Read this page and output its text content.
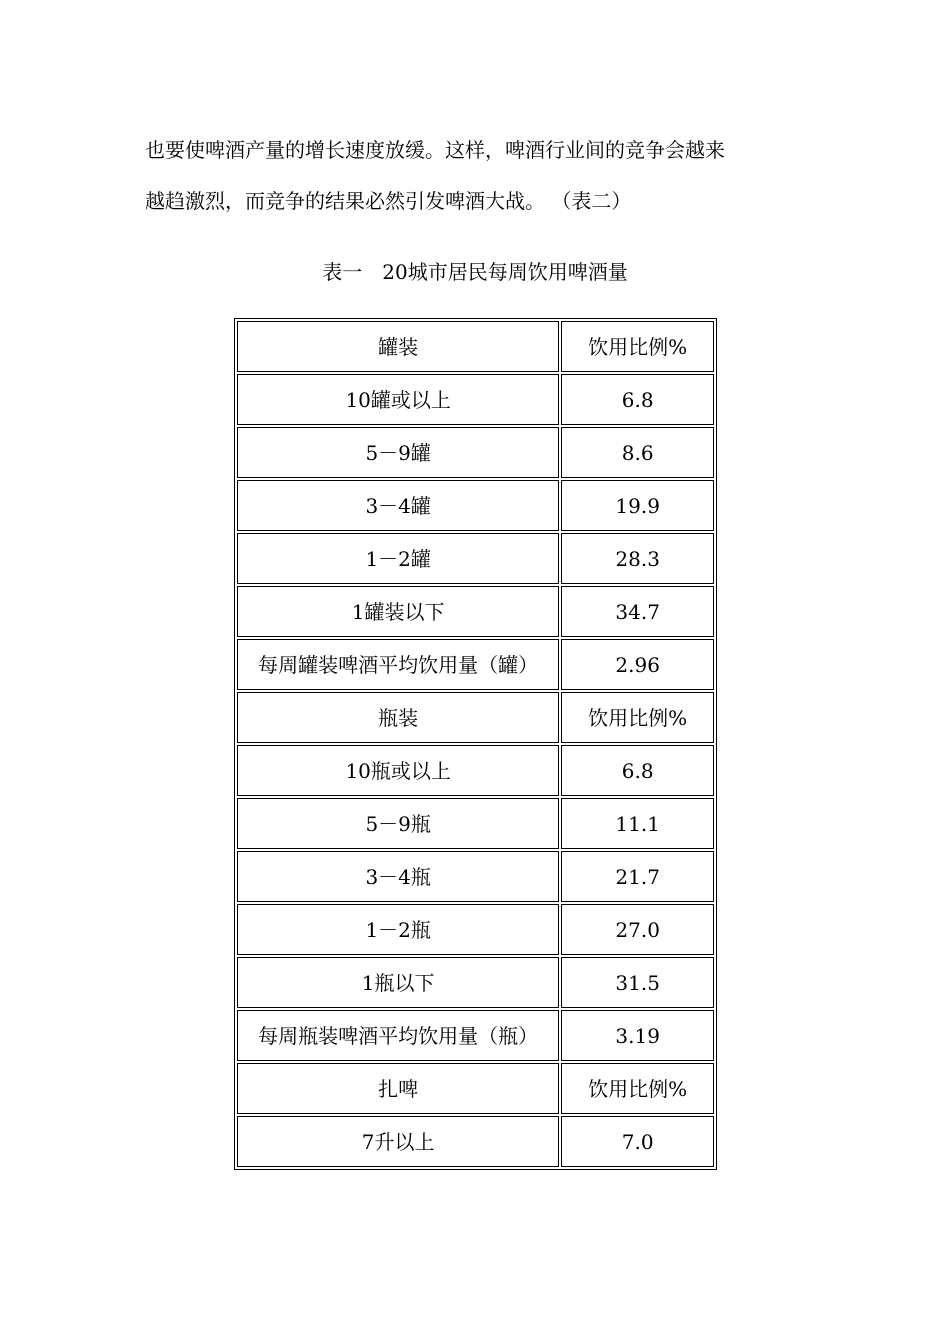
也要使啤酒产量的增长速度放缓。这样，啤酒行业间的竞争会越来
越趋激烈，而竞争的结果必然引发啤酒大战。 （表二）
表一　20城市居民每周饮用啤酒量
罐装	饮用比例%
10罐或以上	6.8
5－9罐	8.6
3－4罐	19.9
1－2罐	28.3
1罐装以下	34.7
每周罐装啤酒平均饮用量（罐）	2.96
瓶装	饮用比例%
10瓶或以上	6.8
5－9瓶	11.1
3－4瓶	21.7
1－2瓶	27.0
1瓶以下	31.5
每周瓶装啤酒平均饮用量（瓶）	3.19
扎啤	饮用比例%
7升以上	7.0
